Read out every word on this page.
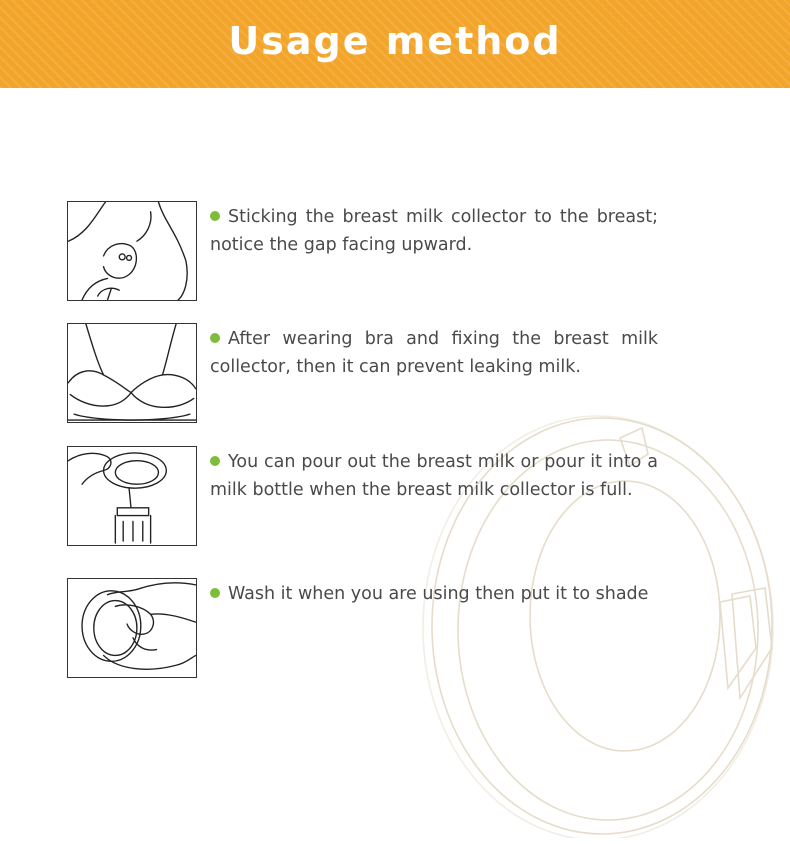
Usage method
Sticking the breast milk collector to the breast; notice the gap facing upward.
After wearing bra and fixing the breast milk collector, then it can prevent leaking milk.
You can pour out the breast milk or pour it into a milk bottle when the breast milk collector is full.
Wash it when you are using then put it to shade
